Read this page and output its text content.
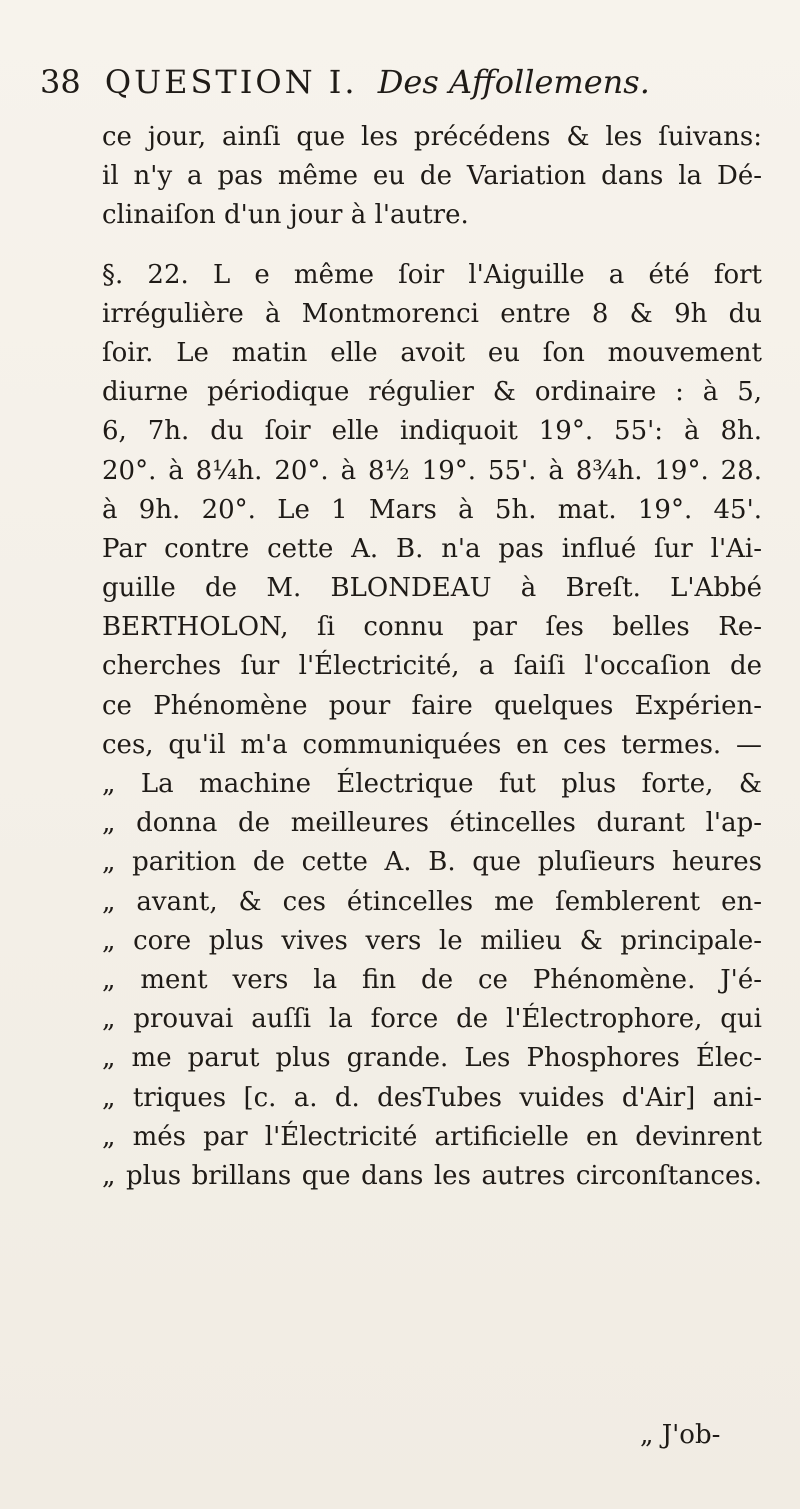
38 QUESTION I. Des Affollemens.
ce jour, ainſi que les précédens & les ſuivans:
il n'y a pas même eu de Variation dans la Dé-
clinaiſon d'un jour à l'autre.
§. 22. L e même ſoir l'Aiguille a été fort
irrégulière à Montmorenci entre 8 & 9h du
ſoir. Le matin elle avoit eu ſon mouvement
diurne périodique régulier & ordinaire : à 5,
6, 7h. du ſoir elle indiquoit 19°. 55': à 8h.
20°. à 8¼h. 20°. à 8½ 19°. 55'. à 8¾h. 19°. 28.
à 9h. 20°. Le 1 Mars à 5h. mat. 19°. 45'.
Par contre cette A. B. n'a pas influé ſur l'Ai-
guille de M. BLONDEAU à Breſt. L'Abbé
BERTHOLON, ſi connu par ſes belles Re-
cherches ſur l'Électricité, a ſaiſi l'occaſion de
ce Phénomène pour faire quelques Expérien-
ces, qu'il m'a communiquées en ces termes. —
„ La machine Électrique fut plus forte, &
„ donna de meilleures étincelles durant l'ap-
„ parition de cette A. B. que pluſieurs heures
„ avant, & ces étincelles me ſemblerent en-
„ core plus vives vers le milieu & principale-
„ ment vers la fin de ce Phénomène. J'é-
„ prouvai auſſi la force de l'Électrophore, qui
„ me parut plus grande. Les Phosphores Élec-
„ triques [c. a. d. desTubes vuides d'Air] ani-
„ més par l'Électricité artificielle en devinrent
„ plus brillans que dans les autres circonſtances.
„ J'ob-
